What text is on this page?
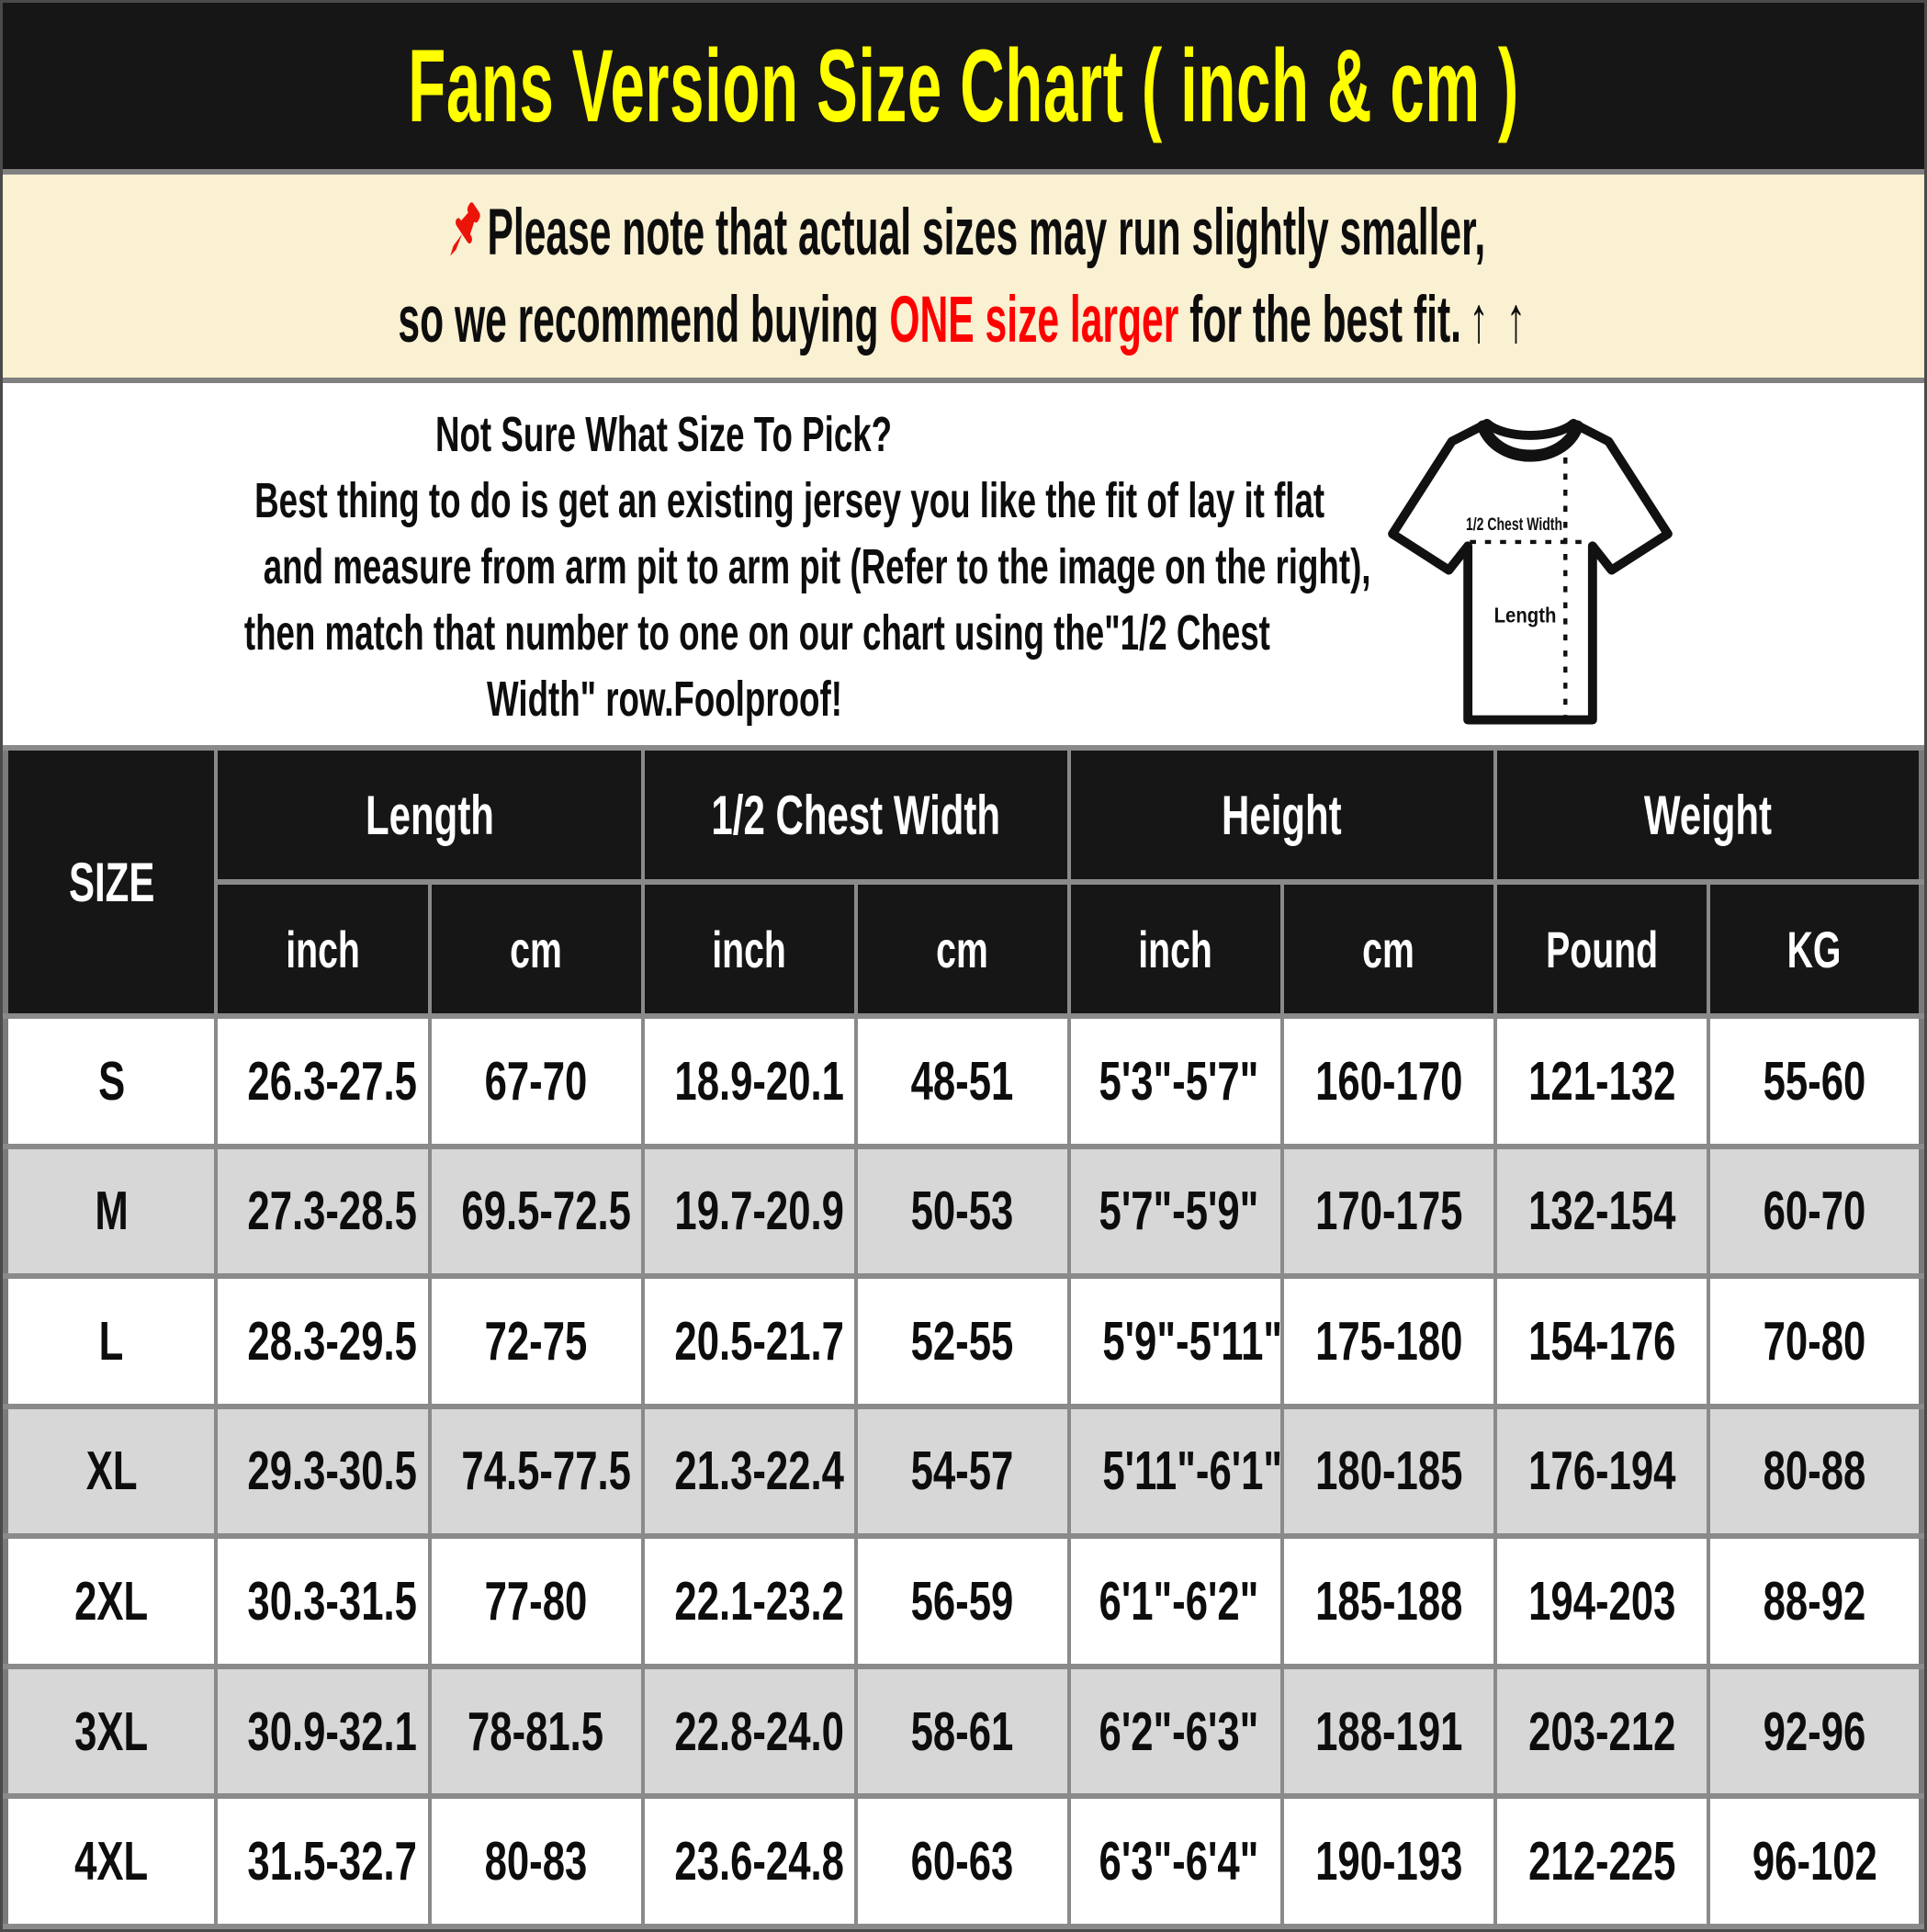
Fans Version Size Chart ( inch & cm )
Please note that actual sizes may run slightly smaller,
so we recommend buying
ONE size larger
for the best fit. ↑ ↑
Not Sure What Size To Pick?
Best thing to do is get an existing jersey you like the fit of lay it flat
and measure from arm pit to arm pit (Refer to the image on the right),
then match that number to one on our chart using the"1/2 Chest
Width" row.Foolproof!
1/2 Chest Width
Length
SIZE	Length		1/2 Chest Width		Height		Weight	
	inch	cm	inch	cm	inch	cm	Pound	KG
S	26.3-27.5	67-70	18.9-20.1	48-51	5'3"-5'7"	160-170	121-132	55-60
M	27.3-28.5	69.5-72.5	19.7-20.9	50-53	5'7"-5'9"	170-175	132-154	60-70
L	28.3-29.5	72-75	20.5-21.7	52-55	5'9"-5'11"	175-180	154-176	70-80
XL	29.3-30.5	74.5-77.5	21.3-22.4	54-57	5'11"-6'1"	180-185	176-194	80-88
2XL	30.3-31.5	77-80	22.1-23.2	56-59	6'1"-6'2"	185-188	194-203	88-92
3XL	30.9-32.1	78-81.5	22.8-24.0	58-61	6'2"-6'3"	188-191	203-212	92-96
4XL	31.5-32.7	80-83	23.6-24.8	60-63	6'3"-6'4"	190-193	212-225	96-102
